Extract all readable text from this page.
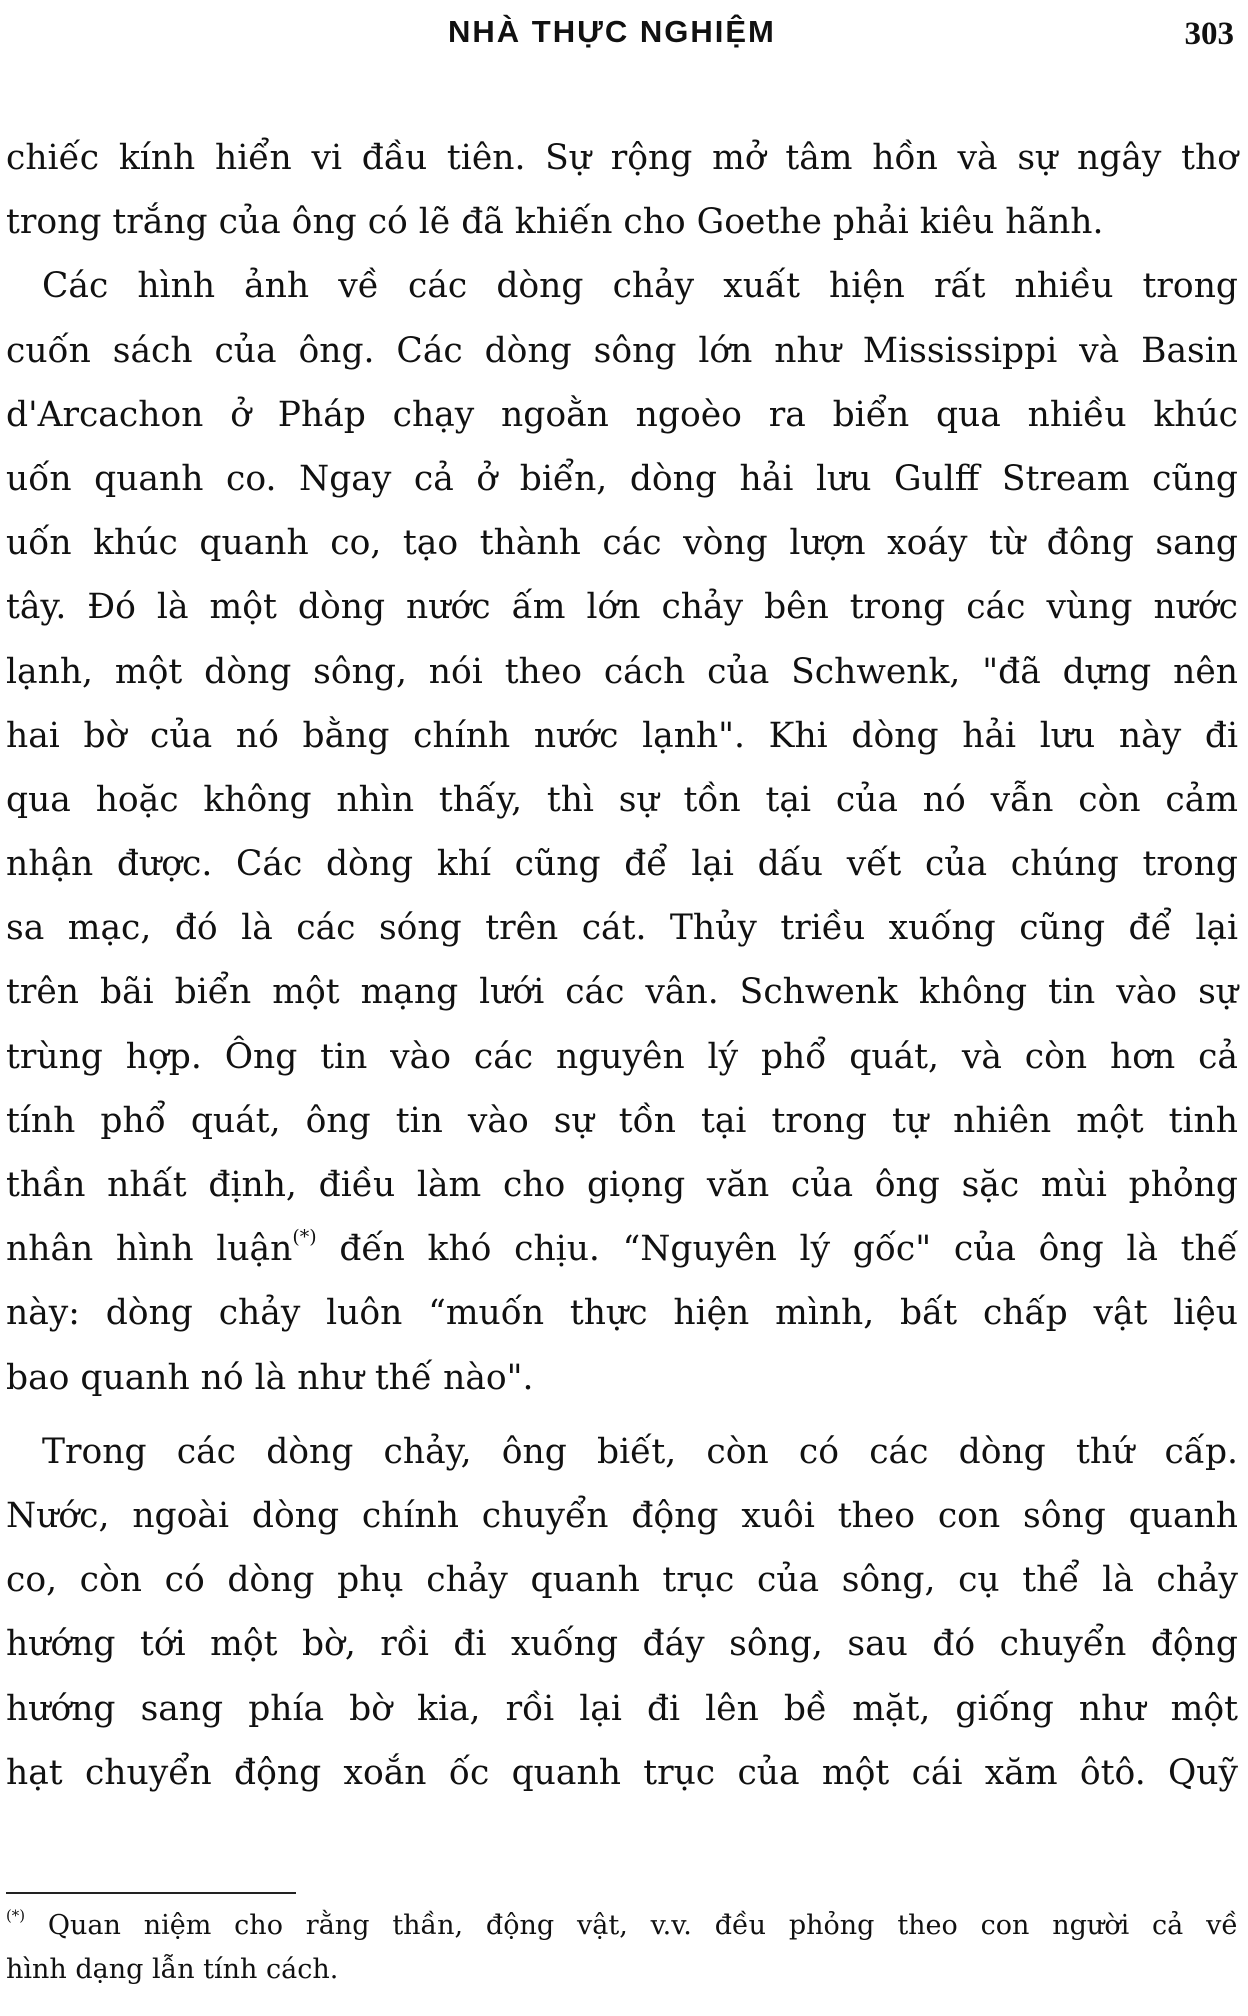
NHÀ THỰC NGHIỆM	303
chiếc kính hiển vi đầu tiên. Sự rộng mở tâm hồn và sự ngây thơ
trong trắng của ông có lẽ đã khiến cho Goethe phải kiêu hãnh.
Các hình ảnh về các dòng chảy xuất hiện rất nhiều trong
cuốn sách của ông. Các dòng sông lớn như Mississippi và Basin
d'Arcachon ở Pháp chạy ngoằn ngoèo ra biển qua nhiều khúc
uốn quanh co. Ngay cả ở biển, dòng hải lưu Gulff Stream cũng
uốn khúc quanh co, tạo thành các vòng lượn xoáy từ đông sang
tây. Đó là một dòng nước ấm lớn chảy bên trong các vùng nước
lạnh, một dòng sông, nói theo cách của Schwenk, "đã dựng nên
hai bờ của nó bằng chính nước lạnh". Khi dòng hải lưu này đi
qua hoặc không nhìn thấy, thì sự tồn tại của nó vẫn còn cảm
nhận được. Các dòng khí cũng để lại dấu vết của chúng trong
sa mạc, đó là các sóng trên cát. Thủy triều xuống cũng để lại
trên bãi biển một mạng lưới các vân. Schwenk không tin vào sự
trùng hợp. Ông tin vào các nguyên lý phổ quát, và còn hơn cả
tính phổ quát, ông tin vào sự tồn tại trong tự nhiên một tinh
thần nhất định, điều làm cho giọng văn của ông sặc mùi phỏng
nhân hình luận(*) đến khó chịu. “Nguyên lý gốc" của ông là thế
này: dòng chảy luôn “muốn thực hiện mình, bất chấp vật liệu
bao quanh nó là như thế nào".
Trong các dòng chảy, ông biết, còn có các dòng thứ cấp.
Nước, ngoài dòng chính chuyển động xuôi theo con sông quanh
co, còn có dòng phụ chảy quanh trục của sông, cụ thể là chảy
hướng tới một bờ, rồi đi xuống đáy sông, sau đó chuyển động
hướng sang phía bờ kia, rồi lại đi lên bề mặt, giống như một
hạt chuyển động xoắn ốc quanh trục của một cái xăm ôtô. Quỹ
(*) Quan niệm cho rằng thần, động vật, v.v. đều phỏng theo con người cả về
hình dạng lẫn tính cách.
